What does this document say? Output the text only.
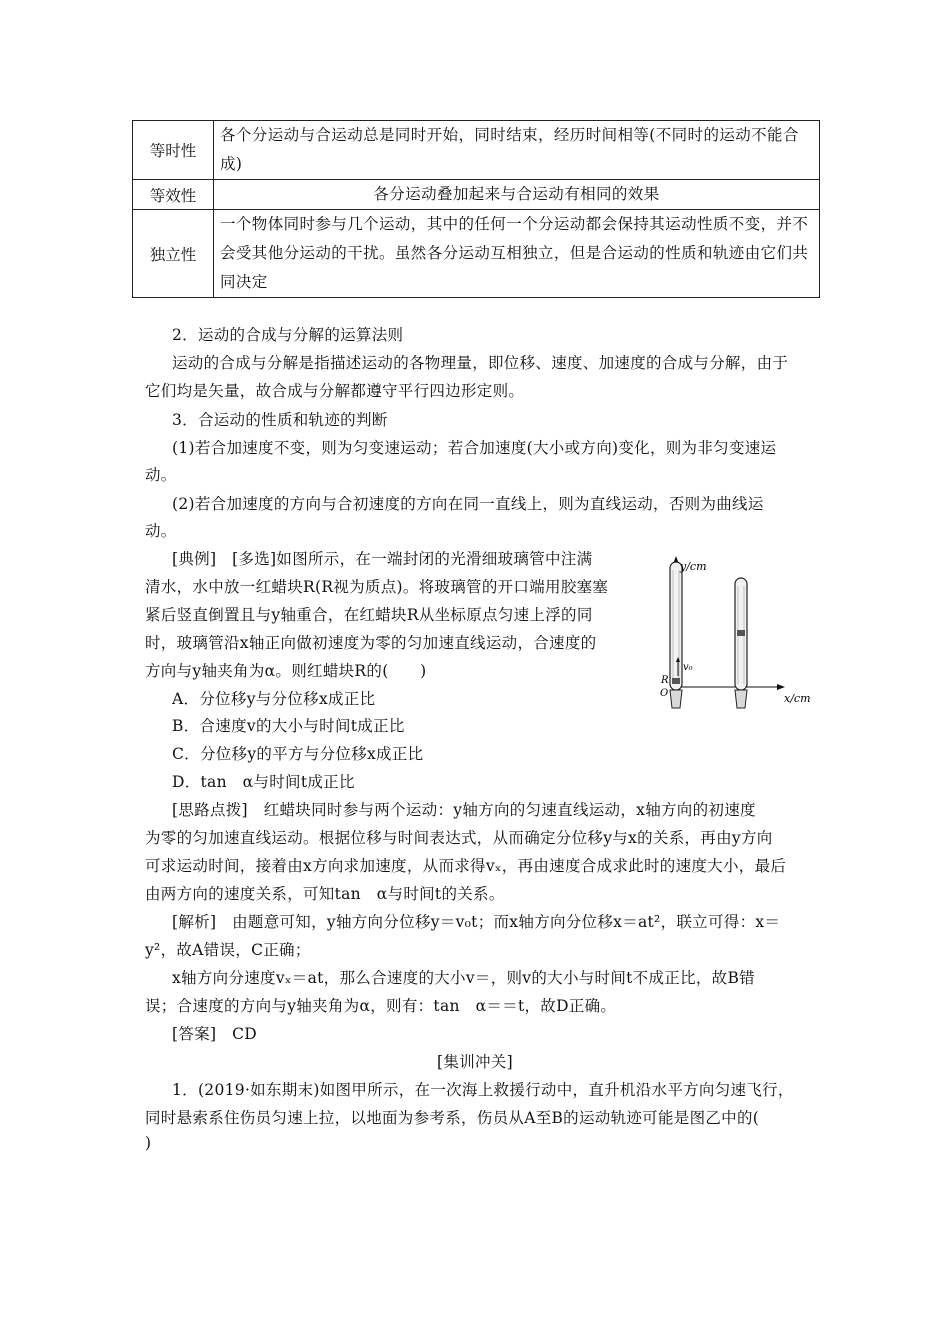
等时性	各个分运动与合运动总是同时开始，同时结束，经历时间相等(不同时的运动不能合成)
等效性	各分运动叠加起来与合运动有相同的效果
独立性	一个物体同时参与几个运动，其中的任何一个分运动都会保持其运动性质不变，并不会受其他分运动的干扰。虽然各分运动互相独立，但是合运动的性质和轨迹由它们共同决定
2．运动的合成与分解的运算法则
运动的合成与分解是指描述运动的各物理量，即位移、速度、加速度的合成与分解，由于
它们均是矢量，故合成与分解都遵守平行四边形定则。
3．合运动的性质和轨迹的判断
(1)若合加速度不变，则为匀变速运动；若合加速度(大小或方向)变化，则为非匀变速运
动。
(2)若合加速度的方向与合初速度的方向在同一直线上，则为直线运动，否则为曲线运
动。
[典例]　[多选]如图所示，在一端封闭的光滑细玻璃管中注满
清水，水中放一红蜡块R(R视为质点)。将玻璃管的开口端用胶塞塞
紧后竖直倒置且与y轴重合，在红蜡块R从坐标原点匀速上浮的同
时，玻璃管沿x轴正向做初速度为零的匀加速直线运动，合速度的
方向与y轴夹角为α。则红蜡块R的(　　)
A．分位移y与分位移x成正比
B．合速度v的大小与时间t成正比
C．分位移y的平方与分位移x成正比
D．tan　α与时间t成正比
y/cm
x/cm
v₀
R
O
[思路点拨]　红蜡块同时参与两个运动：y轴方向的匀速直线运动，x轴方向的初速度
为零的匀加速直线运动。根据位移与时间表达式，从而确定分位移y与x的关系，再由y方向
可求运动时间，接着由x方向求加速度，从而求得vₓ，再由速度合成求此时的速度大小，最后
由两方向的速度关系，可知tan　α与时间t的关系。
[解析]　由题意可知，y轴方向分位移y＝v₀t；而x轴方向分位移x＝at²，联立可得：x＝
y²，故A错误，C正确；
x轴方向分速度vₓ＝at，那么合速度的大小v＝，则v的大小与时间t不成正比，故B错
误；合速度的方向与y轴夹角为α，则有：tan　α＝＝t，故D正确。
[答案]　CD
[集训冲关]
1．(2019·如东期末)如图甲所示，在一次海上救援行动中，直升机沿水平方向匀速飞行，
同时悬索系住伤员匀速上拉，以地面为参考系，伤员从A至B的运动轨迹可能是图乙中的(
)
